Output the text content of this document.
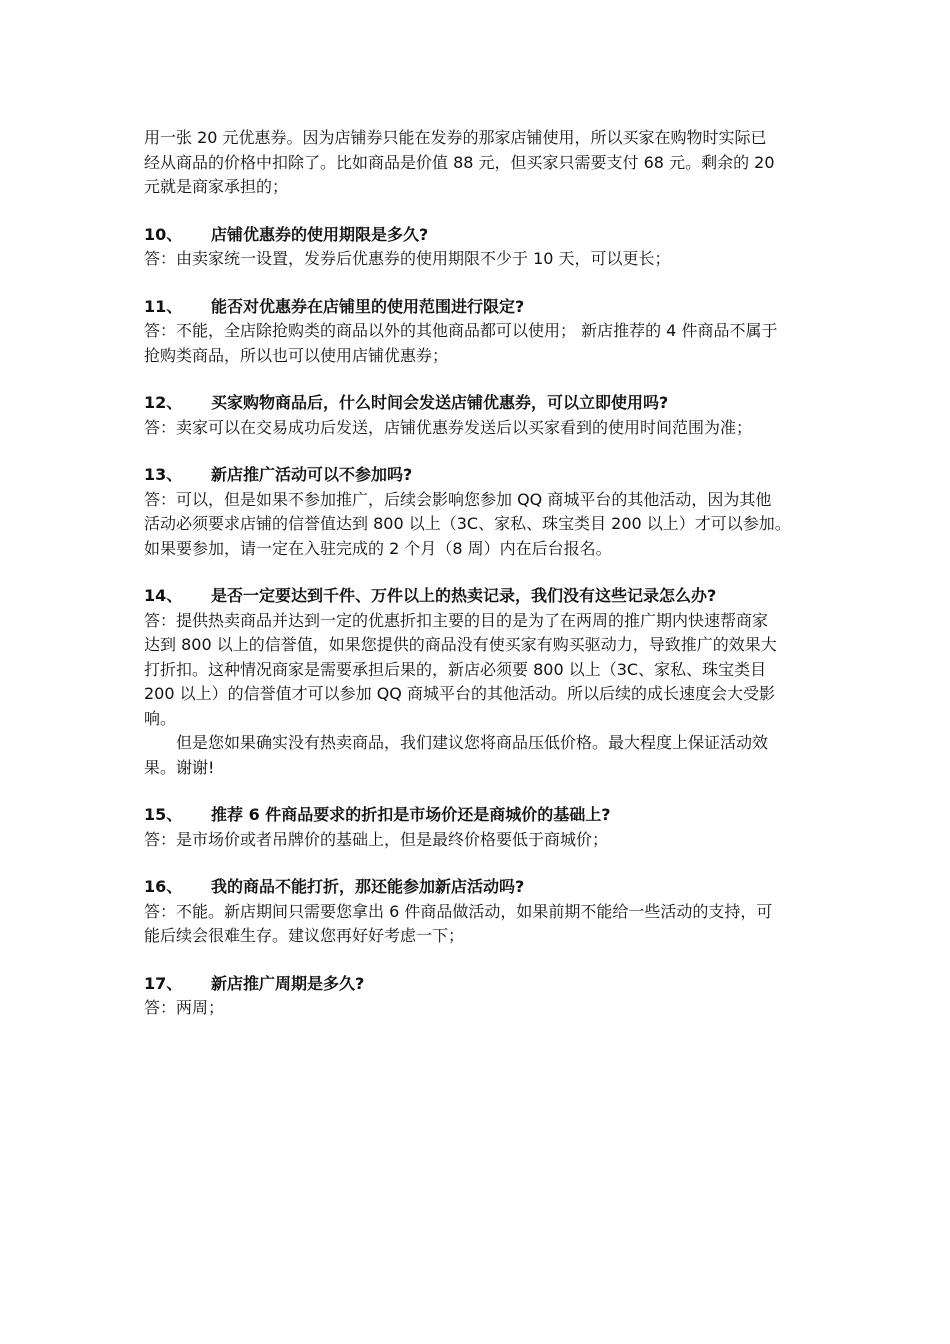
用一张 20 元优惠券。因为店铺券只能在发券的那家店铺使用，所以买家在购物时实际已

经从商品的价格中扣除了。比如商品是价值 88 元，但买家只需要支付 68 元。剩余的 20

元就是商家承担的；

10、	店铺优惠券的使用期限是多久?

答：由卖家统一设置，发券后优惠券的使用期限不少于 10 天，可以更长；

11、	能否对优惠券在店铺里的使用范围进行限定?

答：不能，全店除抢购类的商品以外的其他商品都可以使用； 新店推荐的 4 件商品不属于

抢购类商品，所以也可以使用店铺优惠券；

12、	买家购物商品后，什么时间会发送店铺优惠券，可以立即使用吗?

答：卖家可以在交易成功后发送，店铺优惠券发送后以买家看到的使用时间范围为准；

13、	新店推广活动可以不参加吗?

答：可以，但是如果不参加推广，后续会影响您参加 QQ 商城平台的其他活动，因为其他

活动必须要求店铺的信誉值达到 800 以上（3C、家私、珠宝类目 200 以上）才可以参加。

如果要参加，请一定在入驻完成的 2 个月（8 周）内在后台报名。

14、	是否一定要达到千件、万件以上的热卖记录，我们没有这些记录怎么办?

答：提供热卖商品并达到一定的优惠折扣主要的目的是为了在两周的推广期内快速帮商家

达到 800 以上的信誉值，如果您提供的商品没有使买家有购买驱动力，导致推广的效果大

打折扣。这种情况商家是需要承担后果的，新店必须要 800 以上（3C、家私、珠宝类目

200 以上）的信誉值才可以参加 QQ 商城平台的其他活动。所以后续的成长速度会大受影

响。

但是您如果确实没有热卖商品，我们建议您将商品压低价格。最大程度上保证活动效

果。谢谢!

15、	推荐 6 件商品要求的折扣是市场价还是商城价的基础上?

答：是市场价或者吊牌价的基础上，但是最终价格要低于商城价；

16、	我的商品不能打折，那还能参加新店活动吗?

答：不能。新店期间只需要您拿出 6 件商品做活动，如果前期不能给一些活动的支持，可

能后续会很难生存。建议您再好好考虑一下；

17、	新店推广周期是多久?

答：两周；
